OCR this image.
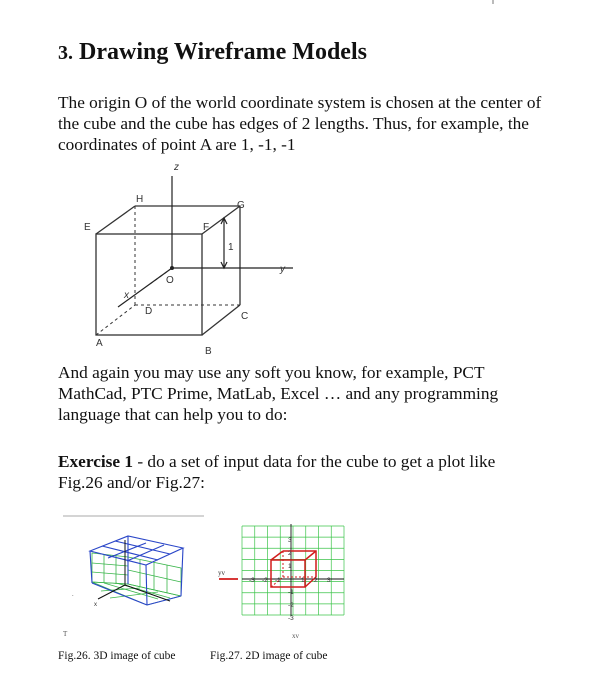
3. Drawing Wireframe Models

The origin O of the world coordinate system is chosen at the center of the cube and the cube has edges of 2 lengths. Thus, for example, the coordinates of point A are 1, -1, -1

z
y
x
O
1
A
B
C
D
E	F
G
H

And again you may use any soft you know, for example, PCT MathCad, PTC Prime, MatLab, Excel … and any programming language that can help you to do:

Exercise 1 - do a set of input data for the cube to get a plot like Fig.26 and/or Fig.27:

x
.
T
yv
-3 -2 -1	1 2 3
3
2
1
-1
-2
-3
xv
Fig.26. 3D image of cube	Fig.27. 2D image of cube
